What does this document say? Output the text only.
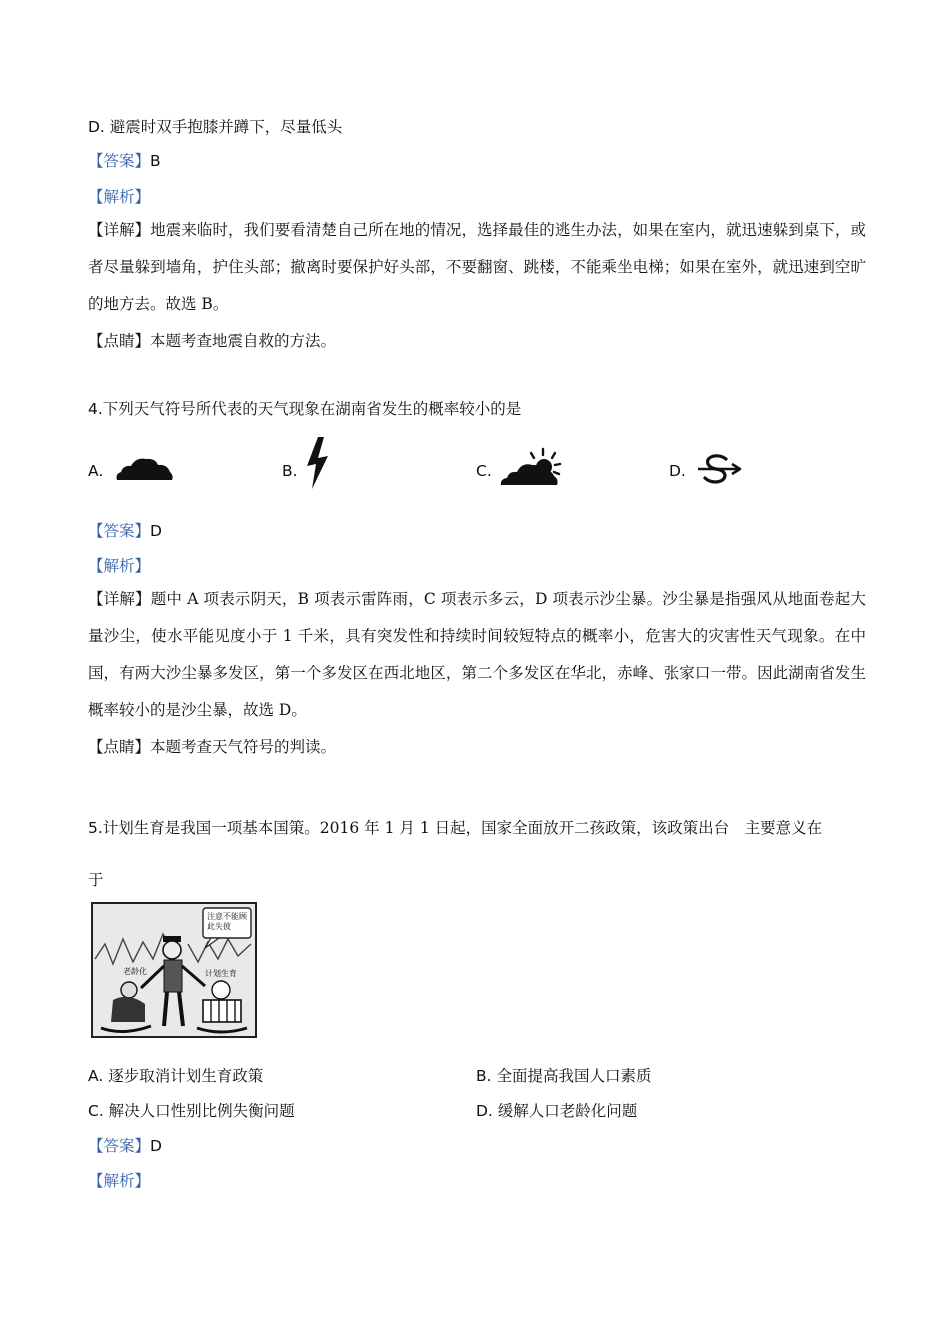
D. 避震时双手抱膝并蹲下，尽量低头
【答案】B
【解析】
【详解】地震来临时，我们要看清楚自己所在地的情况，选择最佳的逃生办法，如果在室内，就迅速躲到桌下，或者尽量躲到墙角，护住头部；撤离时要保护好头部，不要翻窗、跳楼，不能乘坐电梯；如果在室外，就迅速到空旷的地方去。故选 B。
【点睛】本题考查地震自救的方法。
4.下列天气符号所代表的天气现象在湖南省发生的概率较小的是
A.	B.	C.	D.
【答案】D
【解析】
【详解】题中 A 项表示阴天，B 项表示雷阵雨，C 项表示多云，D 项表示沙尘暴。沙尘暴是指强风从地面卷起大量沙尘，使水平能见度小于 1 千米，具有突发性和持续时间较短特点的概率小，危害大的灾害性天气现象。在中国，有两大沙尘暴多发区，第一个多发区在西北地区，第二个多发区在华北，赤峰、张家口一带。因此湖南省发生概率较小的是沙尘暴，故选 D。
【点睛】本题考查天气符号的判读。
5.计划生育是我国一项基本国策。2016 年 1 月 1 日起，国家全面放开二孩政策，该政策出台　主要意义在
于
注意不能顾此失彼
老龄化	计划生育
A. 逐步取消计划生育政策	B. 全面提高我国人口素质
C. 解决人口性别比例失衡问题	D. 缓解人口老龄化问题
【答案】D
【解析】
